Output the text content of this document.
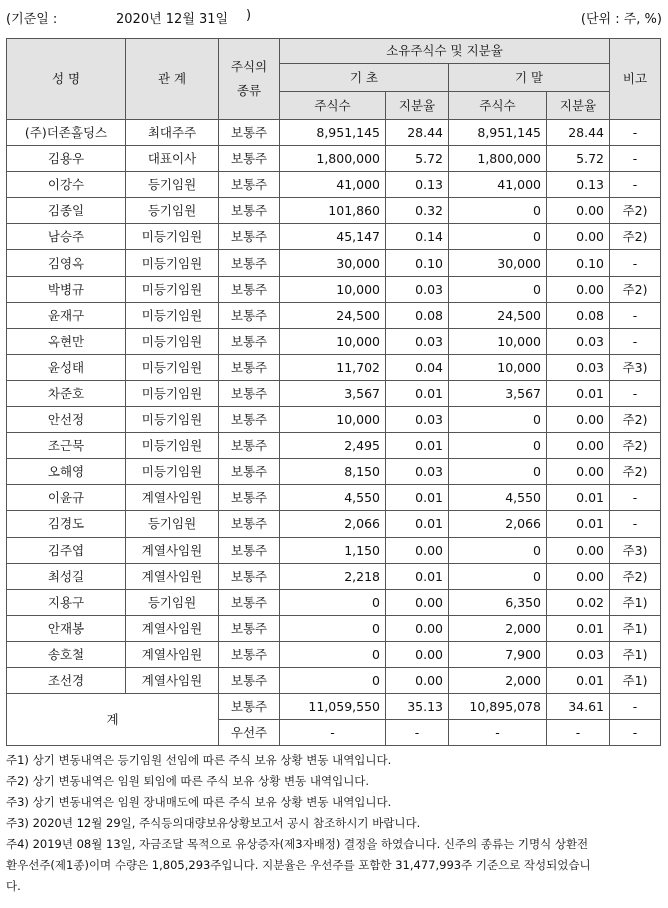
(기준일 :	2020년 12월 31일 )	(단위 : 주, %)
성 명	관 계	주식의 종류	소유주식수 및 지분율				비고
			기 초		기 말		
			주식수	지분율	주식수	지분율	
(주)더존홀딩스	최대주주	보통주	8,951,145	28.44	8,951,145	28.44	-
김용우	대표이사	보통주	1,800,000	5.72	1,800,000	5.72	-
이강수	등기임원	보통주	41,000	0.13	41,000	0.13	-
김종일	등기임원	보통주	101,860	0.32	0	0.00	주2)
남승주	미등기임원	보통주	45,147	0.14	0	0.00	주2)
김영옥	미등기임원	보통주	30,000	0.10	30,000	0.10	-
박병규	미등기임원	보통주	10,000	0.03	0	0.00	주2)
윤재구	미등기임원	보통주	24,500	0.08	24,500	0.08	-
옥현만	미등기임원	보통주	10,000	0.03	10,000	0.03	-
윤성태	미등기임원	보통주	11,702	0.04	10,000	0.03	주3)
차준호	미등기임원	보통주	3,567	0.01	3,567	0.01	-
안선정	미등기임원	보통주	10,000	0.03	0	0.00	주2)
조근묵	미등기임원	보통주	2,495	0.01	0	0.00	주2)
오해영	미등기임원	보통주	8,150	0.03	0	0.00	주2)
이윤규	계열사임원	보통주	4,550	0.01	4,550	0.01	-
김경도	등기임원	보통주	2,066	0.01	2,066	0.01	-
김주엽	계열사임원	보통주	1,150	0.00	0	0.00	주3)
최성길	계열사임원	보통주	2,218	0.01	0	0.00	주2)
지용구	등기임원	보통주	0	0.00	6,350	0.02	주1)
안재봉	계열사임원	보통주	0	0.00	2,000	0.01	주1)
송호철	계열사임원	보통주	0	0.00	7,900	0.03	주1)
조선경	계열사임원	보통주	0	0.00	2,000	0.01	주1)
계		보통주	11,059,550	35.13	10,895,078	34.61	-
		우선주	-	-	-	-	-

주1) 상기 변동내역은 등기임원 선임에 따른 주식 보유 상황 변동 내역입니다.

주2) 상기 변동내역은 임원 퇴임에 따른 주식 보유 상황 변동 내역입니다.

주3) 상기 변동내역은 임원 장내매도에 따른 주식 보유 상황 변동 내역입니다.

주3) 2020년 12월 29일, 주식등의대량보유상황보고서 공시 참조하시기 바랍니다.

주4) 2019년 08월 13일, 자금조달 목적으로 유상증자(제3자배정) 결정을 하였습니다. 신주의 종류는 기명식 상환전

환우선주(제1종)이며 수량은 1,805,293주입니다. 지분율은 우선주를 포함한 31,477,993주 기준으로 작성되었습니

다.
